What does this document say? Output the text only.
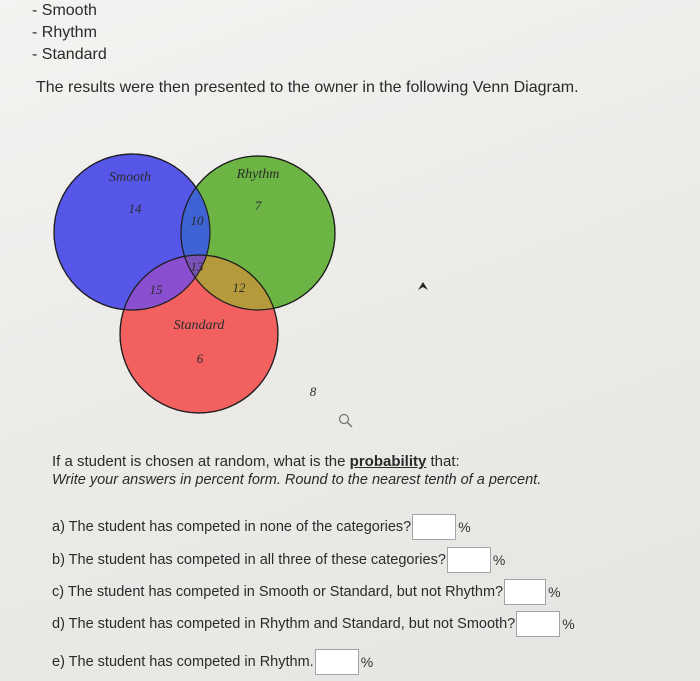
- Smooth
- Rhythm
- Standard
The results were then presented to the owner in the following Venn Diagram.
Smooth	Rhythm
Standard
14	7
10
13
15	12
6
8
If a student is chosen at random, what is the probability that:
Write your answers in percent form. Round to the nearest tenth of a percent.
a) The student has competed in none of the categories?	%
b) The student has competed in all three of these categories?	%
c) The student has competed in Smooth or Standard, but not Rhythm?	%
d) The student has competed in Rhythm and Standard, but not Smooth?	%
e) The student has competed in Rhythm.	%
